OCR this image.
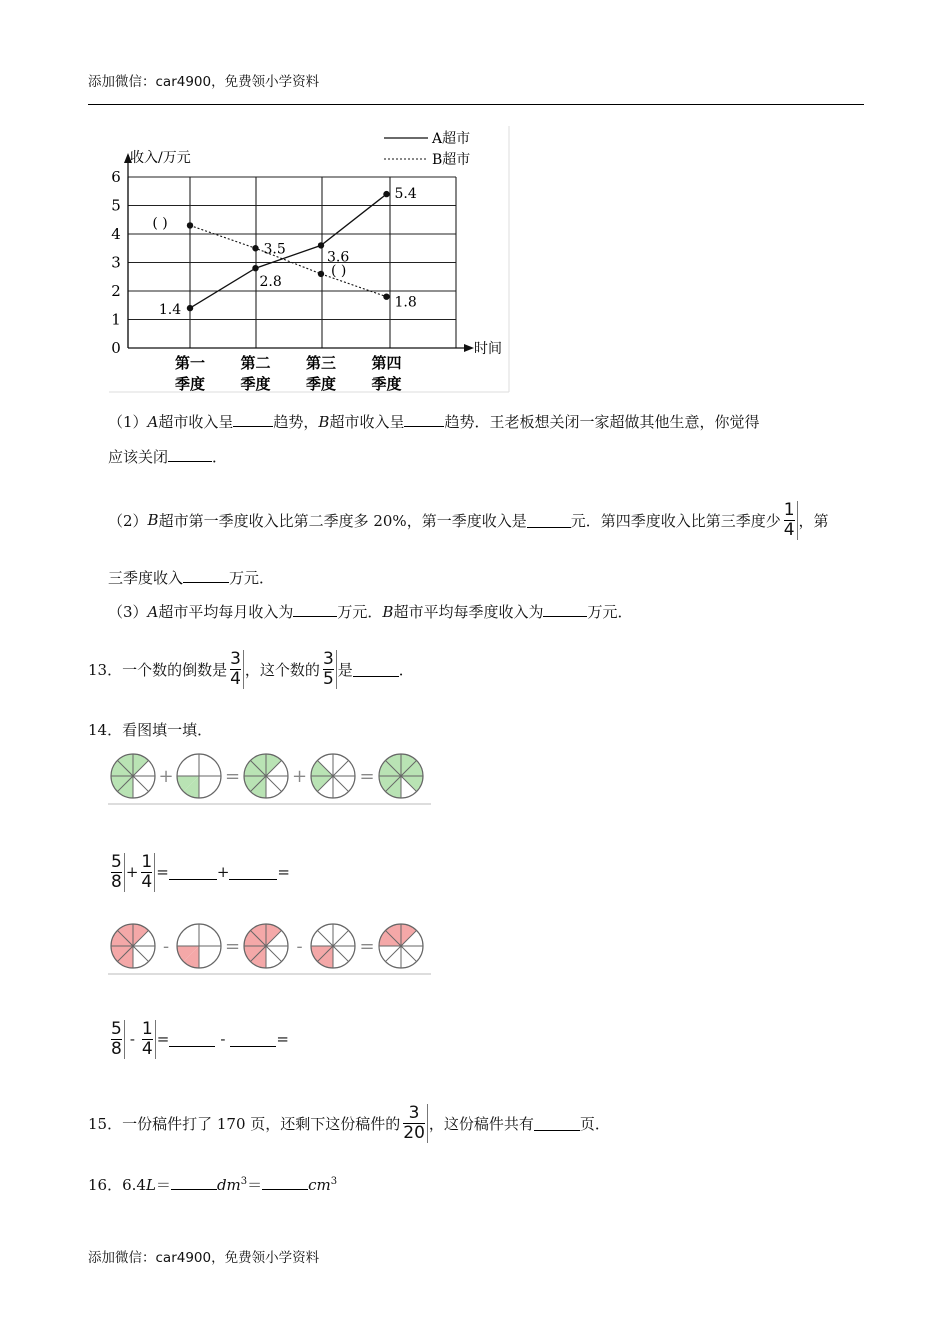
添加微信：car4900，免费领小学资料
A超市
B超市
收入/万元
时间
0
1
2
3
4
5
6
第一
季度
第二
季度
第三
季度
第四
季度
1.4
2.8
3.6
5.4
( )
3.5
( )
1.8
（1）A超市收入呈	趋势，B超市收入呈	趋势．王老板想关闭一家超做其他生意，你觉得
应该关闭	．
（2） B 超市第一季度收入比第二季度多 20%，第一季度收入是	元．第四季度收入比第三季度少 $\frac{1}{4}$ ，第
三季度收入	万元．
（3）A超市平均每月收入为	万元．B超市平均每季度收入为	万元．
13．一个数的倒数是 $\frac{3}{4}$ ，这个数的 $\frac{3}{5}$ 是	．
14．看图填一填．
+	=	+	=
$\frac{5}{8} + \frac{1}{4}$ =	+	=
-	=	-	=
$\frac{5}{8} - \frac{1}{4}$ =	-	=
15．一份稿件打了 170 页，还剩下这份稿件的 $\frac{3}{20}$ ，这份稿件共有	页．
16．6.4L＝	$dm^3=$	$cm^3$
添加微信：car4900，免费领小学资料
